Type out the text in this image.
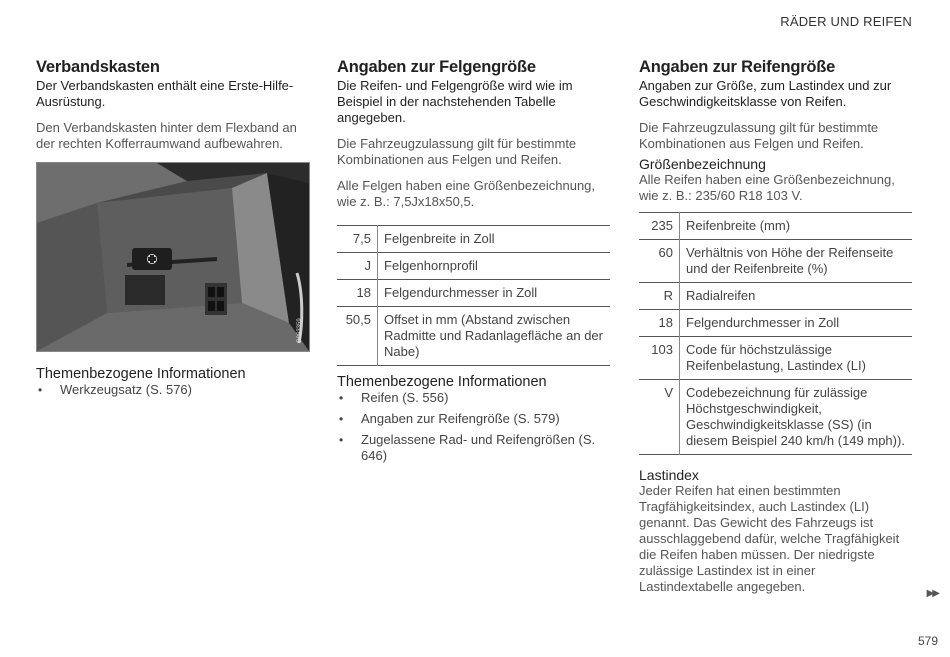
RÄDER UND REIFEN
Verbandskasten

Der Verbandskasten enthält eine Erste-Hilfe-Ausrüstung.

Den Verbandskasten hinter dem Flexband an der rechten Kofferraumwand aufbewahren.

G063359
Themenbezogene Informationen
• Werkzeugsatz (S. 576)
Angaben zur Felgengröße

Die Reifen- und Felgengröße wird wie im Beispiel in der nachstehenden Tabelle angegeben.

Die Fahrzeugzulassung gilt für bestimmte Kombinationen aus Felgen und Reifen.

Alle Felgen haben eine Größenbezeichnung, wie z. B.: 7,5Jx18x50,5.

7,5	Felgenbreite in Zoll
J	Felgenhornprofil
18	Felgendurchmesser in Zoll
50,5	Offset in mm (Abstand zwischen Radmitte und Radanlagefläche an der Nabe)
Themenbezogene Informationen
• Reifen (S. 556)
• Angaben zur Reifengröße (S. 579)
• Zugelassene Rad- und Reifengrößen (S. 646)
Angaben zur Reifengröße

Angaben zur Größe, zum Lastindex und zur Geschwindigkeitsklasse von Reifen.

Die Fahrzeugzulassung gilt für bestimmte Kombinationen aus Felgen und Reifen.

Größenbezeichnung

Alle Reifen haben eine Größenbezeichnung, wie z. B.: 235/60 R18 103 V.

235	Reifenbreite (mm)
60	Verhältnis von Höhe der Reifenseite und der Reifenbreite (%)
R	Radialreifen
18	Felgendurchmesser in Zoll
103	Code für höchstzulässige Reifenbelastung, Lastindex (LI)
V	Codebezeichnung für zulässige Höchstgeschwindigkeit, Geschwindigkeitsklasse (SS) (in diesem Beispiel 240 km/h (149 mph)).
Lastindex

Jeder Reifen hat einen bestimmten Tragfähigkeitsindex, auch Lastindex (LI) genannt. Das Gewicht des Fahrzeugs ist ausschlaggebend dafür, welche Tragfähigkeit die Reifen haben müssen. Der niedrigste zulässige Lastindex ist in einer Lastindextabelle angegeben.	▶▶
579
